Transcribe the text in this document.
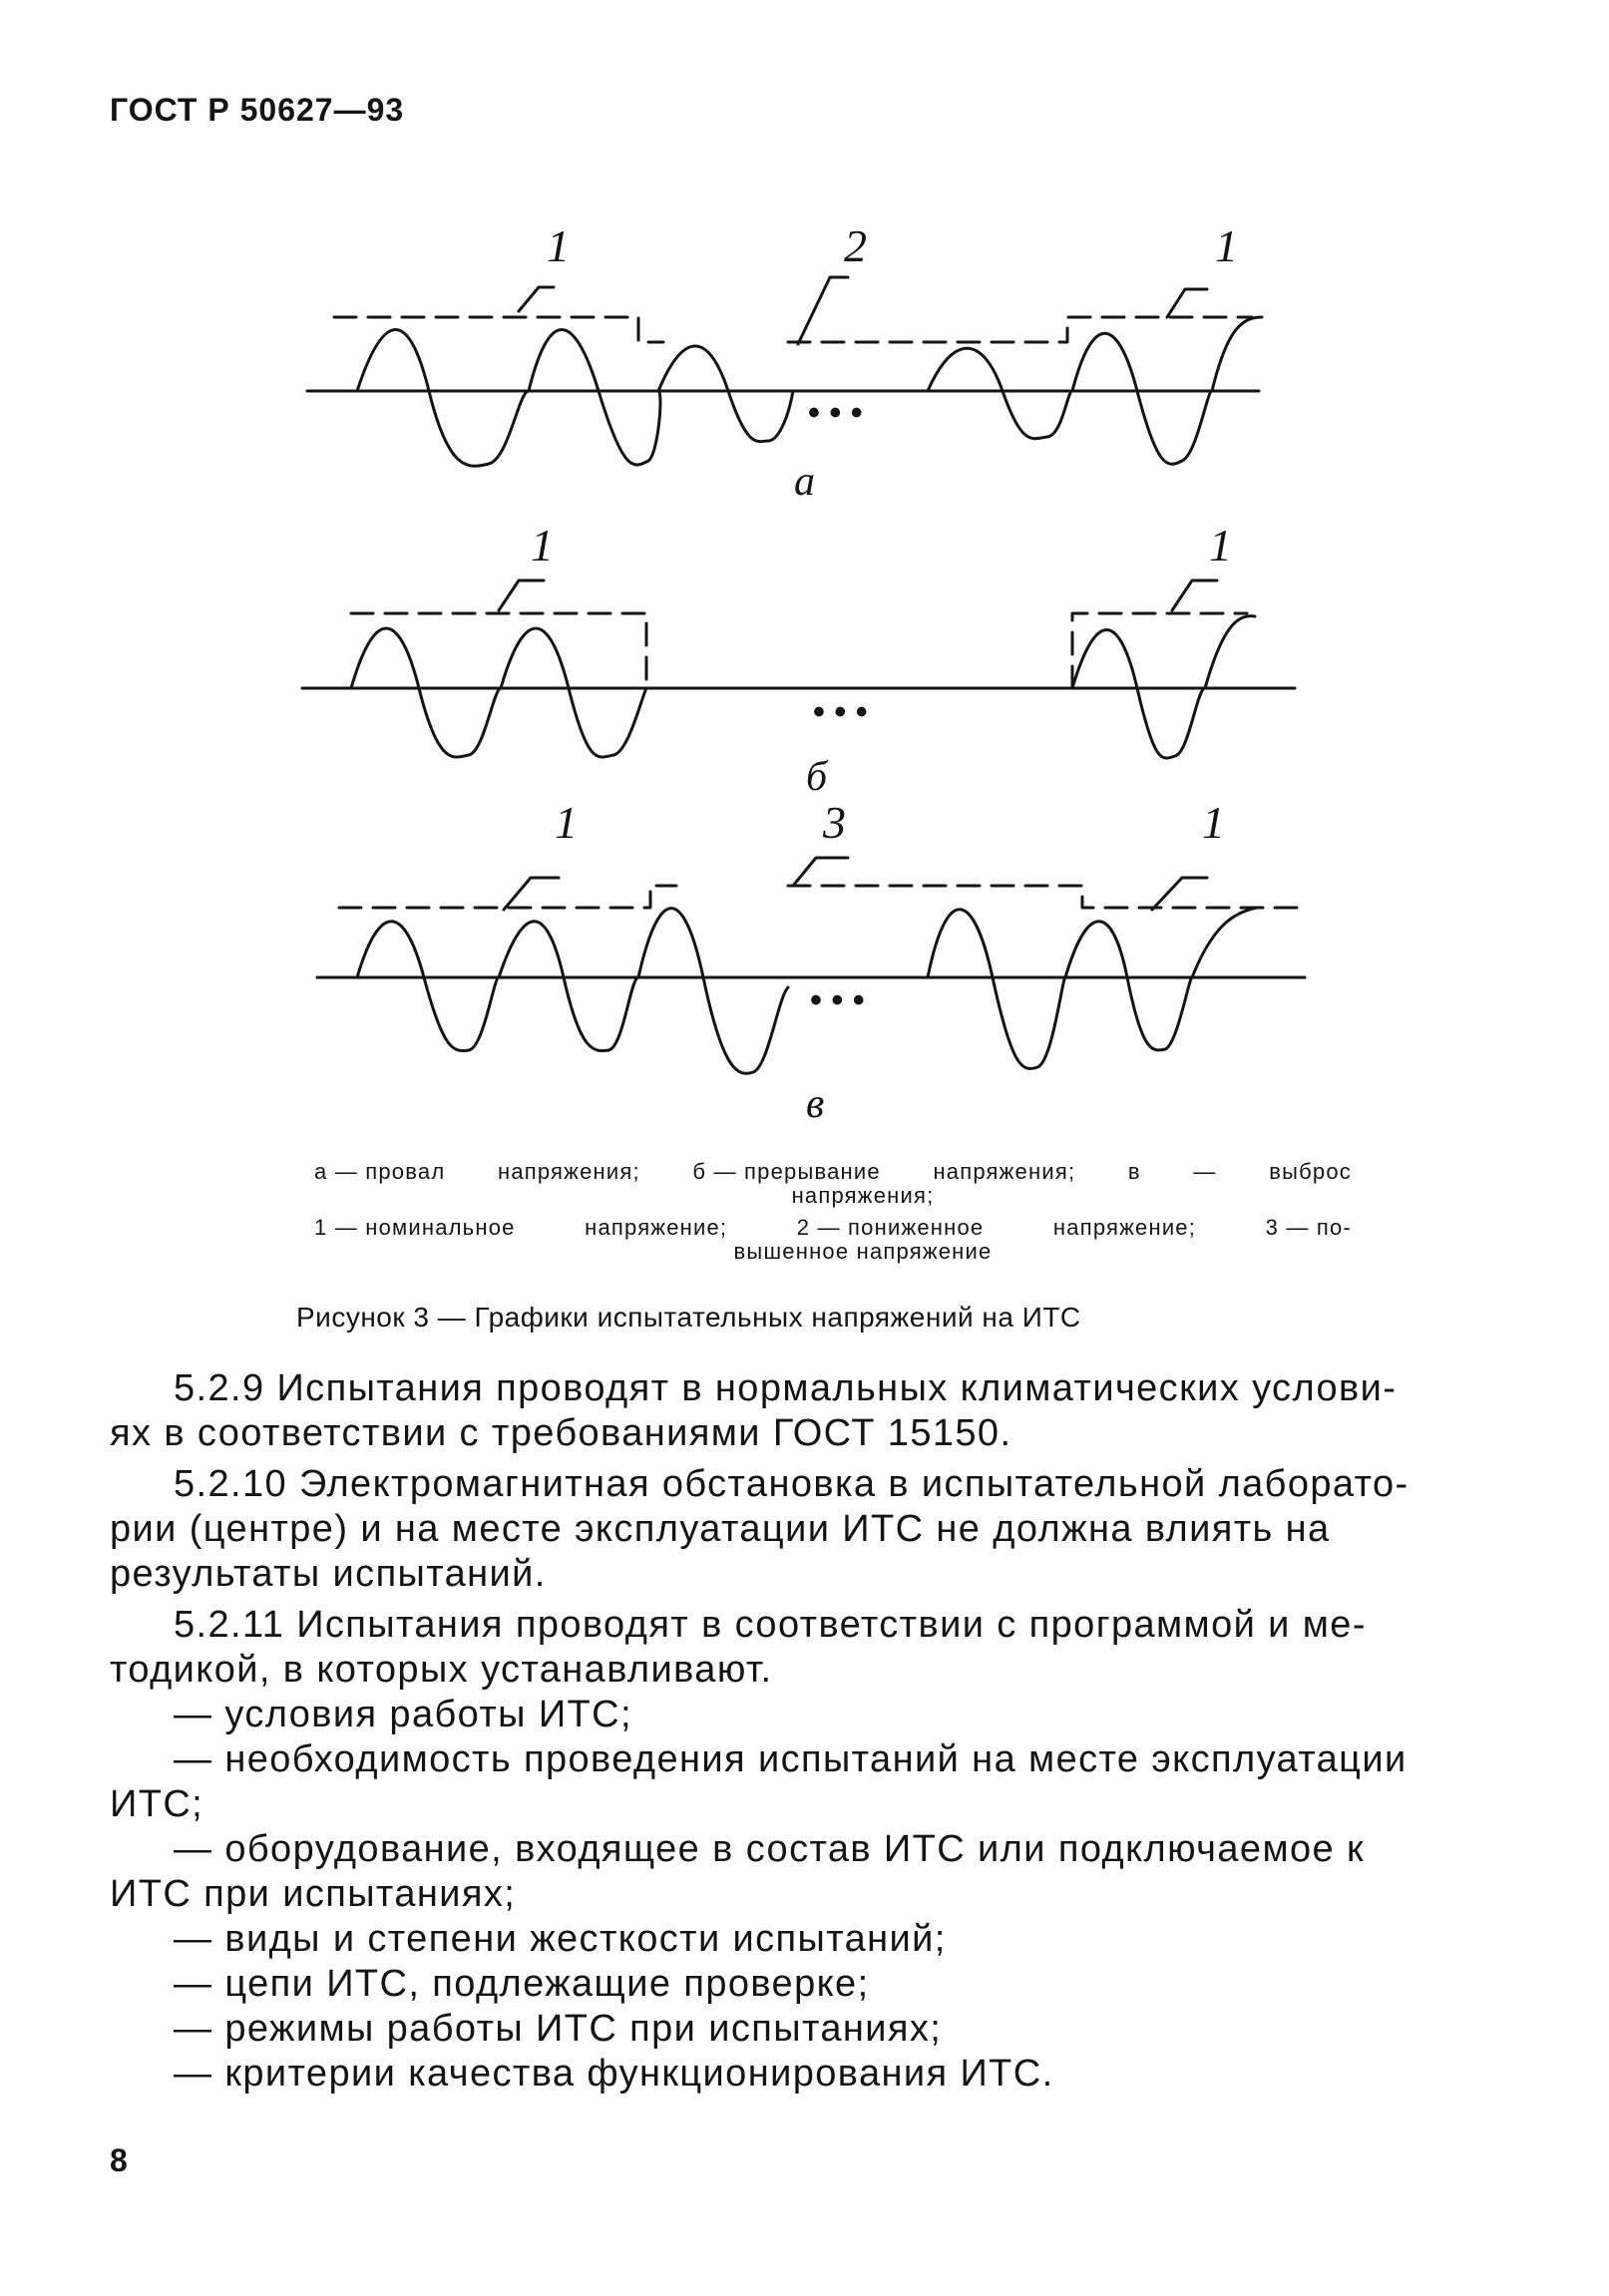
ГОСТ Р 50627—93
1	2	1
а
1	1
б
1	3	1
в
• • •
• • •
• • •
а — провал напряжения; б — прерывание напряжения; в — выброс
напряжения;
1 — номинальное	напряжение;	2 — пониженное	напряжение;	3 — по-
вышенное напряжение
Рисунок 3 — Графики испытательных напряжений на ИТС
5.2.9 Испытания проводят в нормальных климатических услови-
ях в соответствии с требованиями ГОСТ 15150.
5.2.10 Электромагнитная обстановка в испытательной лаборато-
рии (центре) и на месте эксплуатации ИТС не должна влиять на
результаты испытаний.
5.2.11 Испытания проводят в соответствии с программой и ме-
тодикой, в которых устанавливают.
— условия работы ИТС;
— необходимость проведения испытаний на месте эксплуатации
ИТС;
— оборудование, входящее в состав ИТС или подключаемое к
ИТС при испытаниях;
— виды и степени жесткости испытаний;
— цепи ИТС, подлежащие проверке;
— режимы работы ИТС при испытаниях;
— критерии качества функционирования ИТС.
8
